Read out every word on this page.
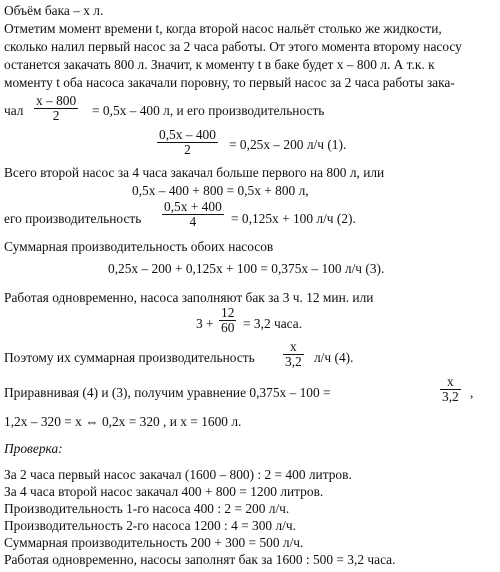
Объём бака – x л.
Отметим момент времени t, когда второй насос нальёт столько же жидкости,
сколько налил первый насос за 2 часа работы. От этого момента второму насосу
останется закачать 800 л. Значит, к моменту t в баке будет x – 800 л. А т.к. к
моменту t оба насоса закачали поровну, то первый насос за 2 часа работы зака-
чал $\frac{x - 800}{2} = 0,5x - 400$ л, и его производительность
$\frac{0,5x - 400}{2} = 0,25x - 200$ л/ч (1).
Всего второй насос за 4 часа закачал больше первого на 800 л, или
0,5x – 400 + 800 = 0,5x + 800 л,
его производительность $\frac{0,5x + 400}{4} = 0,125x + 100$ л/ч (2).
Суммарная производительность обоих насосов
0,25x – 200 + 0,125x + 100 = 0,375x – 100 л/ч (3).
Работая одновременно, насоса заполняют бак за 3 ч. 12 мин. или
$3 + \frac{12}{60} = 3,2$ часа.
Поэтому их суммарная производительность $\frac{x}{3,2} л/ч$ (4).
Приравнивая (4) и (3), получим уравнение 0,375x – 100 =	$\frac{x}{3,2}$ ,
1,2x – 320 = x ⇔ 0,2x = 320 , и x = 1600 л.
Проверка:
За 2 часа первый насос закачал (1600 – 800) : 2 = 400 литров.
За 4 часа второй насос закачал 400 + 800 = 1200 литров.
Производительность 1-го насоса 400 : 2 = 200 л/ч.
Производительность 2-го насоса 1200 : 4 = 300 л/ч.
Суммарная производительность 200 + 300 = 500 л/ч.
Работая одновременно, насосы заполнят бак за 1600 : 500 = 3,2 часа.
